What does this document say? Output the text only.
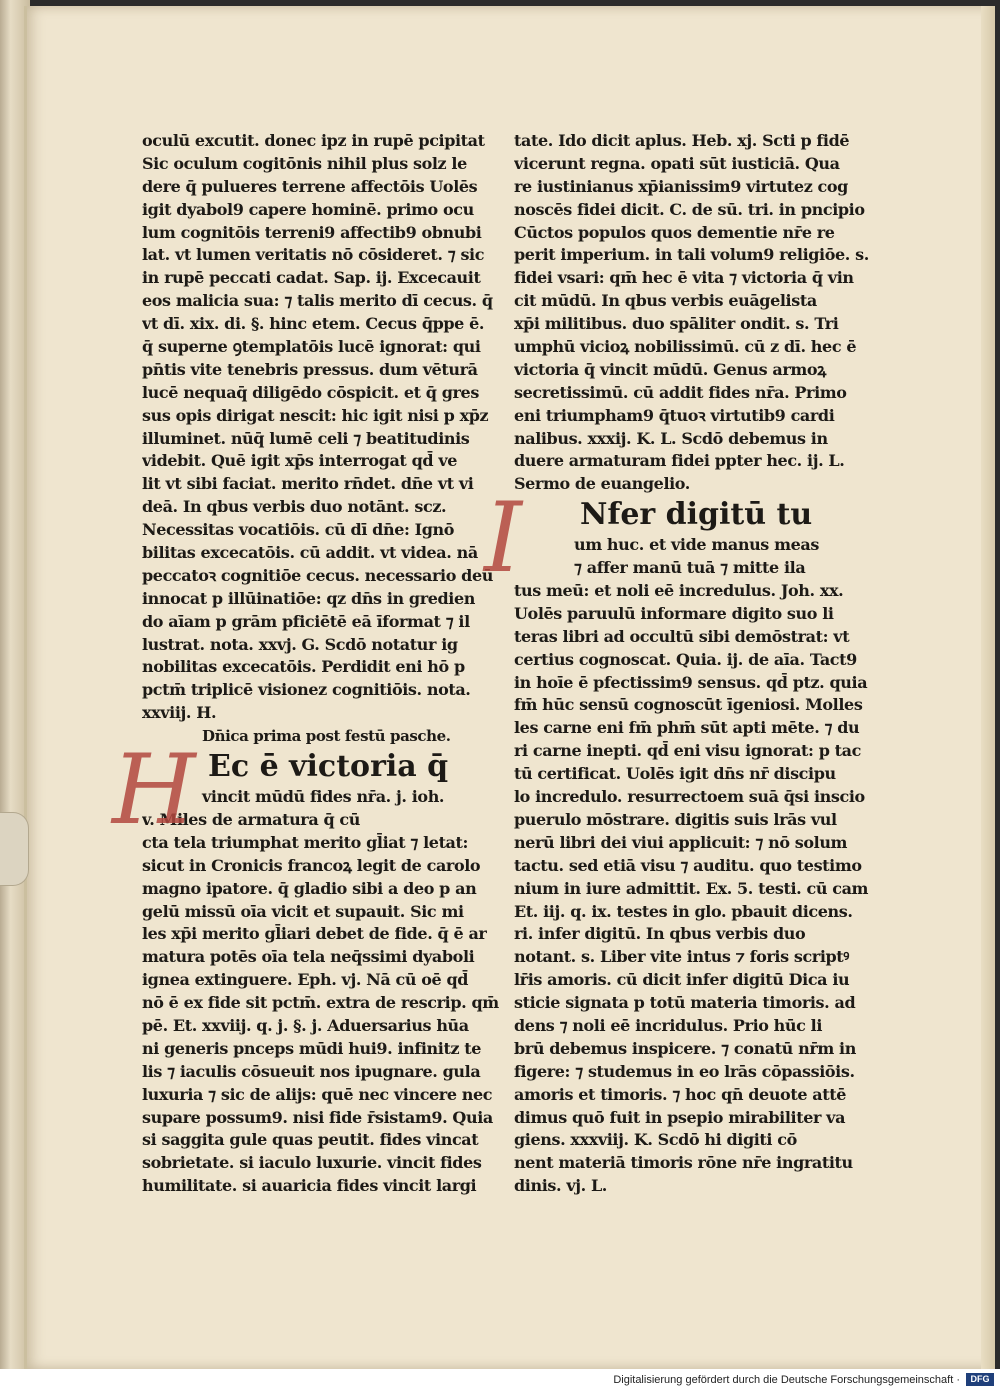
oculū excutit. donec ipz in rupē pcipitat
Sic oculum cogitōnis nihil plus solz le
dere q̄ pulueres terrene affectōis Uolēs
igit dyabol9 capere hominē. primo ocu
lum cognitōis terreni9 affectib9 obnubi
lat. vt lumen veritatis nō cōsideret. ⁊ sic
in rupē peccati cadat. Sap. ij. Excecauit
eos malicia sua: ⁊ talis merito dī cecus. q̄
vt dī. xix. di. §. hinc etem. Cecus q̄ppe ē.
q̄ superne ꝯtemplatōis lucē ignorat: qui
pn̄tis vite tenebris pressus. dum vēturā
lucē nequaq̄ diligēdo cōspicit. et q̄ gres
sus opis dirigat nescit: hic igit nisi p xp̄z
illuminet. nūq̄ lumē celi ⁊ beatitudinis
videbit. Quē igit xp̄s interrogat qd̄ ve
lit vt sibi faciat. merito rn̄det. dn̄e vt vi
deā. In qbus verbis duo notānt. scz.
Necessitas vocatiōis. cū dī dn̄e: Ignō
bilitas excecatōis. cū addit. vt videa. nā
peccatoꝛ cognitiōe cecus. necessario deū
innocat p illūinatiōe: qz dn̄s in gredien
do aīam p grām pficiētē eā īformat ⁊ il
lustrat. nota. xxvj. G. Scdō notatur ig
nobilitas excecatōis. Perdidit eni hō p
pctm̄ triplicē visionez cognitiōis. nota.
xxviij. H.
Dn̄ica prima post festū pasche.
H Ec ē victoria q̄
vincit mūdū fides nr̄a. j. ioh.
v. Miles de armatura q̄ cū
cta tela triumphat merito gl̄iat ⁊ letat:
sicut in Cronicis francoꝝ legit de carolo
magno ipatore. q̄ gladio sibi a deo p an
gelū missū oīa vicit et supauit. Sic mi
les xp̄i merito gl̄iari debet de fide. q̄ ē ar
matura potēs oīa tela neq̄ssimi dyaboli
ignea extinguere. Eph. vj. Nā cū oē qd̄
nō ē ex fide sit pctm̄. extra de rescrip. qm̄
pē. Et. xxviij. q. j. §. j. Aduersarius hūa
ni generis pnceps mūdi hui9. infinitz te
lis ⁊ iaculis cōsueuit nos ipugnare. gula
luxuria ⁊ sic de alijs: quē nec vincere nec
supare possum9. nisi fide r̄sistam9. Quia
si saggita gule quas peutit. fides vincat
sobrietate. si iaculo luxurie. vincit fides
humilitate. si auaricia fides vincit largi
tate. Ido dicit aplus. Heb. xj. Scti p fidē
vicerunt regna. opati sūt iusticiā. Qua
re iustinianus xp̄ianissim9 virtutez cog
noscēs fidei dicit. C. de sū. tri. in pncipio
Cūctos populos quos dementie nr̄e re
perit imperium. in tali volum9 religiōe. s.
fidei vsari: qm̄ hec ē vita ⁊ victoria q̄ vin
cit mūdū. In qbus verbis euāgelista
xp̄i militibus. duo spāliter ondit. s. Tri
umphū vicioꝝ nobilissimū. cū z dī. hec ē
victoria q̄ vincit mūdū. Genus armoꝝ
secretissimū. cū addit fides nr̄a. Primo
eni triumpham9 q̄tuoꝛ virtutib9 cardi
nalibus. xxxij. K. L. Scdō debemus in
duere armaturam fidei ppter hec. ij. L.
Sermo de euangelio.
I	Nfer digitū tu
um huc. et vide manus meas
⁊ affer manū tuā ⁊ mitte ila
tus meū: et noli eē incredulus. Joh. xx.
Uolēs paruulū informare digito suo li
teras libri ad occultū sibi demōstrat: vt
certius cognoscat. Quia. ij. de aīa. Tact9
in hoīe ē pfectissim9 sensus. qd̄ ptz. quia
fm̄ hūc sensū cognoscūt īgeniosi. Molles
les carne eni fm̄ phm̄ sūt apti mēte. ⁊ du
ri carne inepti. qd̄ eni visu ignorat: p tac
tū certificat. Uolēs igit dn̄s nr̄ discipu
lo incredulo. resurrectoem suā q̄si inscio
puerulo mōstrare. digitis suis lrās vul
nerū libri dei viui applicuit: ⁊ nō solum
tactu. sed etiā visu ⁊ auditu. quo testimo
nium in iure admittit. Ex. 5. testi. cū cam
Et. iij. q. ix. testes in glo. pbauit dicens.
ri. infer digitū. In qbus verbis duo
notant. s. Liber vite intus ⁊ foris scriptꝰ
lr̄is amoris. cū dicit infer digitū Dica iu
sticie signata p totū materia timoris. ad
dens ⁊ noli eē incridulus. Prio hūc li
brū debemus inspicere. ⁊ conatū nr̄m in
figere: ⁊ studemus in eo lrās cōpassiōis.
amoris et timoris. ⁊ hoc qn̄ deuote attē
dimus quō fuit in psepio mirabiliter va
giens. xxxviij. K. Scdō hi digiti cō
nent materiā timoris rōne nr̄e ingratitu
dinis. vj. L.
Digitalisierung gefördert durch die Deutsche Forschungsgemeinschaft ·	DFG
